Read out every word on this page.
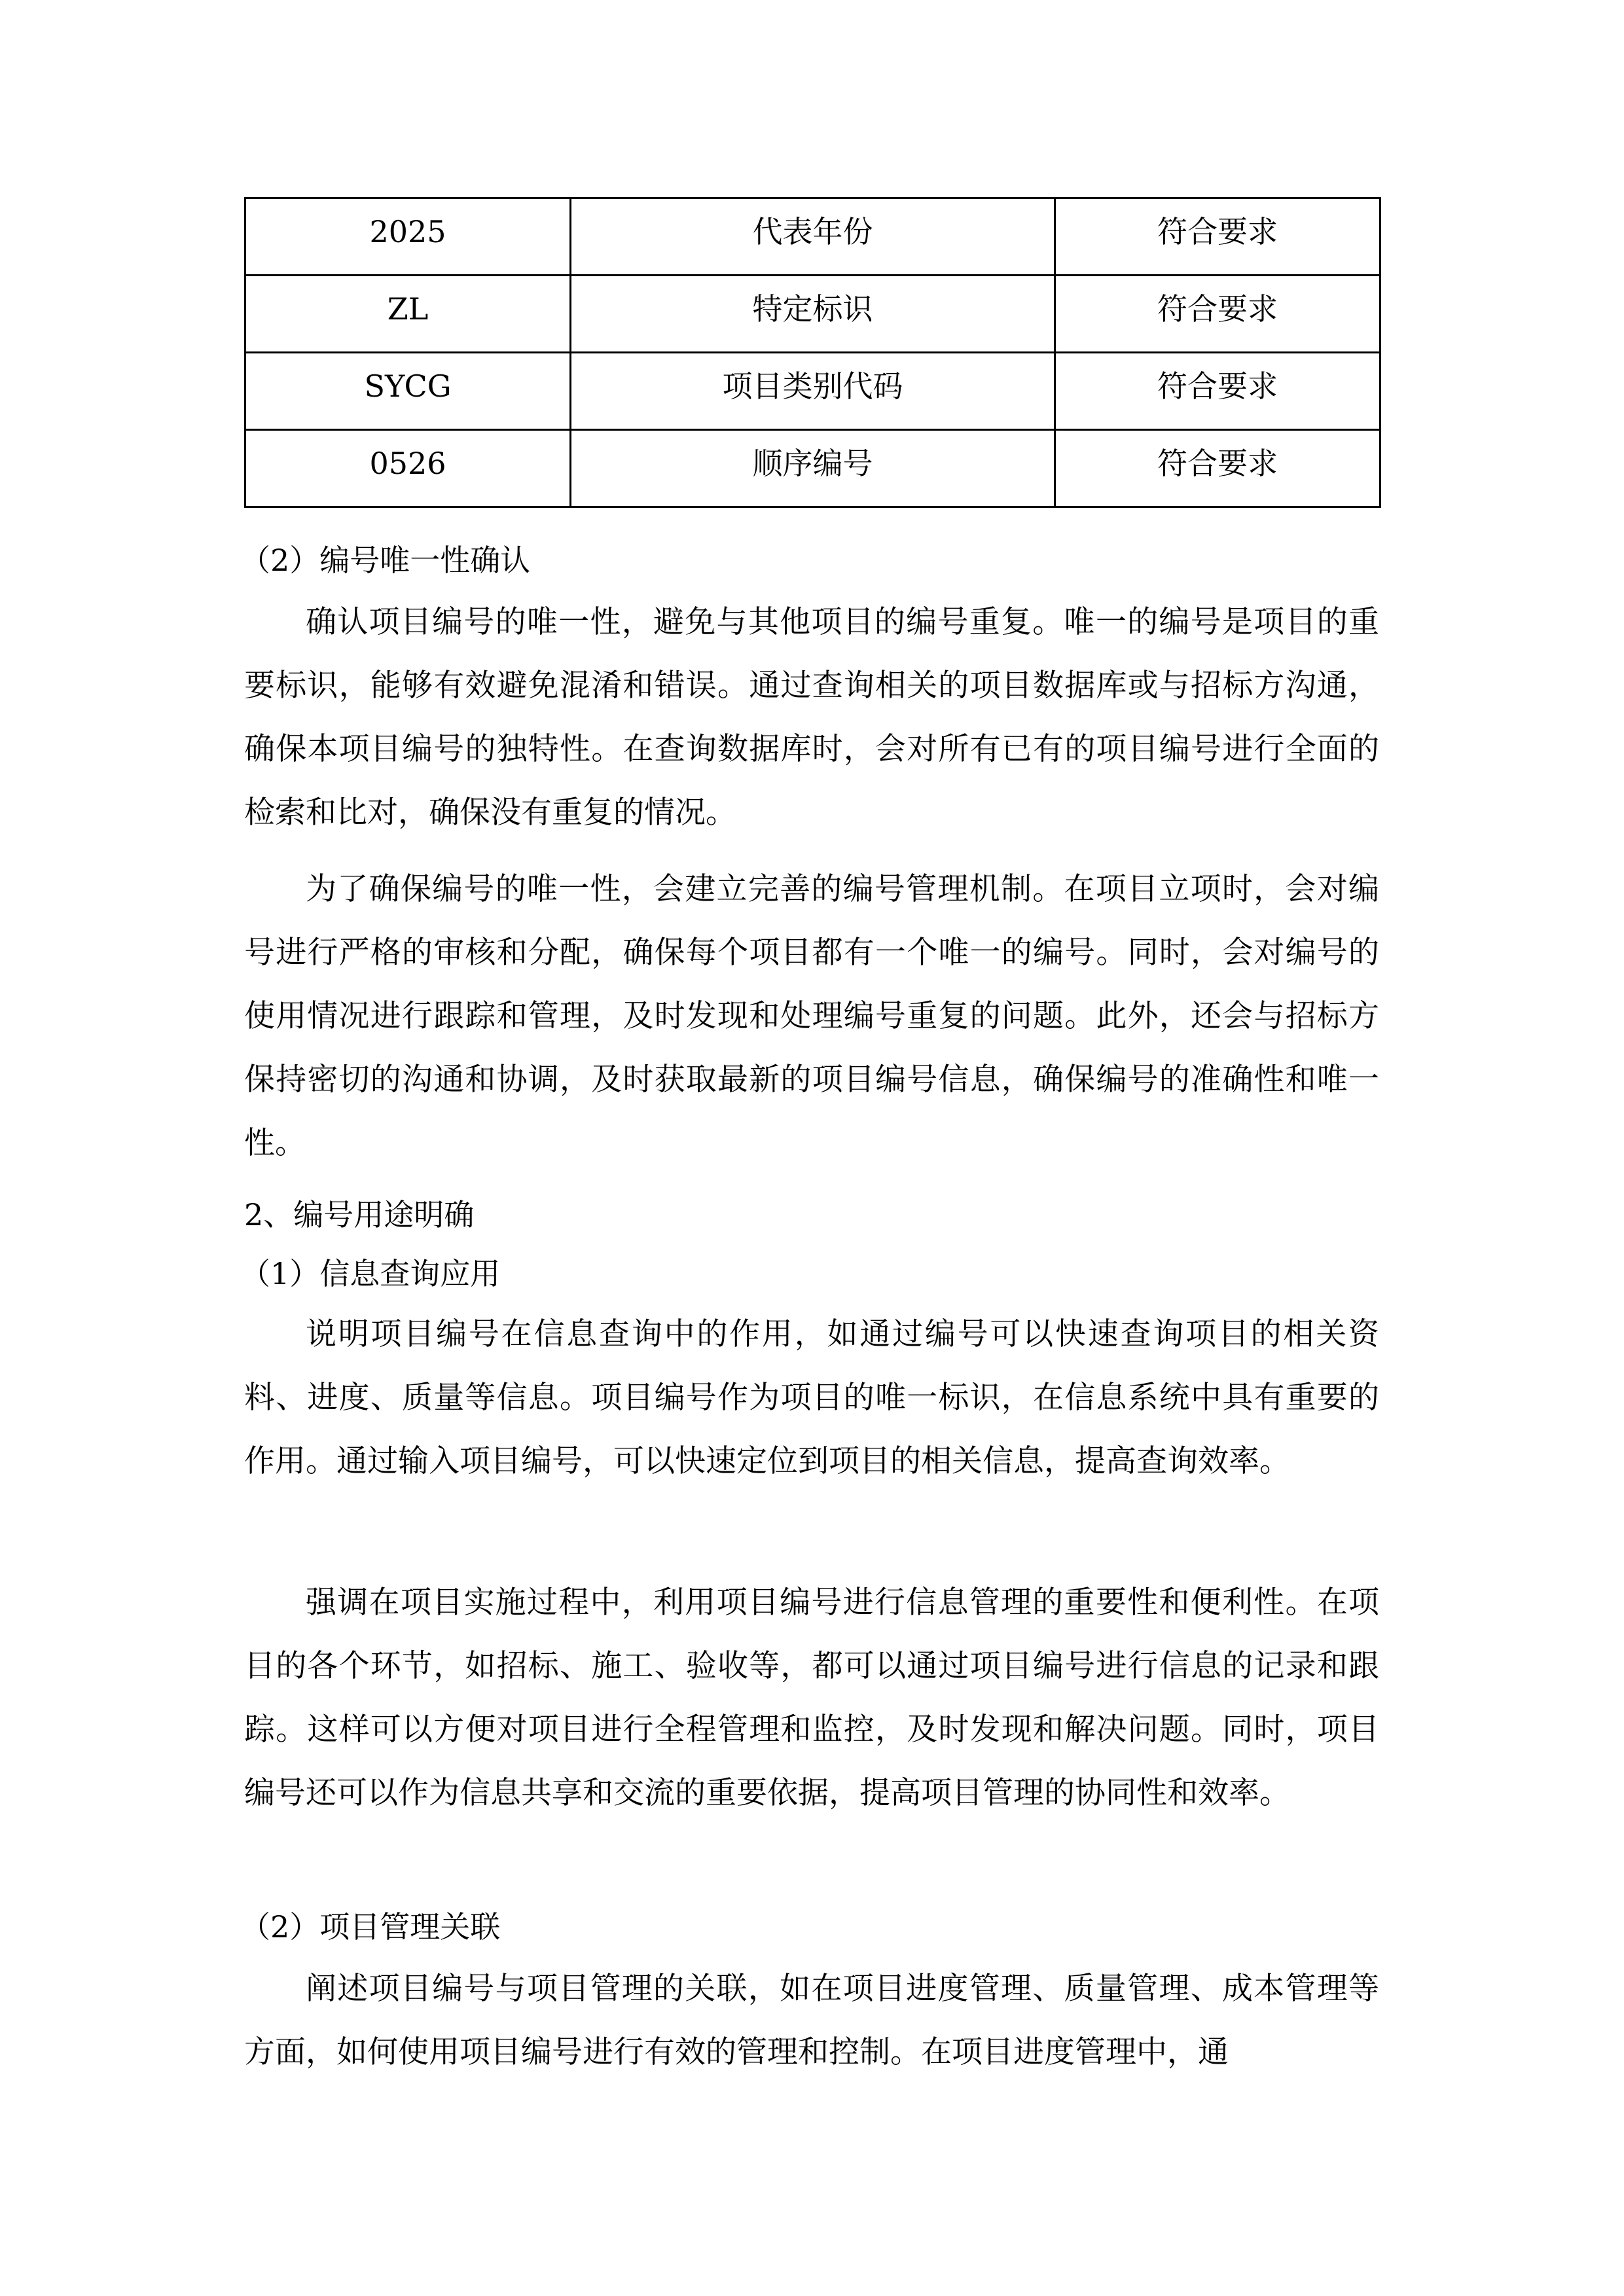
2025	代表年份	符合要求
ZL	特定标识	符合要求
SYCG	项目类别代码	符合要求
0526	顺序编号	符合要求
（2）编号唯一性确认
确认项目编号的唯一性，避免与其他项目的编号重复。唯一的编号是项目的重要标识，能够有效避免混淆和错误。通过查询相关的项目数据库或与招标方沟通，确保本项目编号的独特性。在查询数据库时，会对所有已有的项目编号进行全面的检索和比对，确保没有重复的情况。
为了确保编号的唯一性，会建立完善的编号管理机制。在项目立项时，会对编号进行严格的审核和分配，确保每个项目都有一个唯一的编号。同时，会对编号的使用情况进行跟踪和管理，及时发现和处理编号重复的问题。此外，还会与招标方保持密切的沟通和协调，及时获取最新的项目编号信息，确保编号的准确性和唯一性。
2、编号用途明确
（1）信息查询应用
说明项目编号在信息查询中的作用，如通过编号可以快速查询项目的相关资料、进度、质量等信息。项目编号作为项目的唯一标识，在信息系统中具有重要的作用。通过输入项目编号，可以快速定位到项目的相关信息，提高查询效率。
强调在项目实施过程中，利用项目编号进行信息管理的重要性和便利性。在项目的各个环节，如招标、施工、验收等，都可以通过项目编号进行信息的记录和跟踪。这样可以方便对项目进行全程管理和监控，及时发现和解决问题。同时，项目编号还可以作为信息共享和交流的重要依据，提高项目管理的协同性和效率。
（2）项目管理关联
阐述项目编号与项目管理的关联，如在项目进度管理、质量管理、成本管理等方面，如何使用项目编号进行有效的管理和控制。在项目进度管理中，通
